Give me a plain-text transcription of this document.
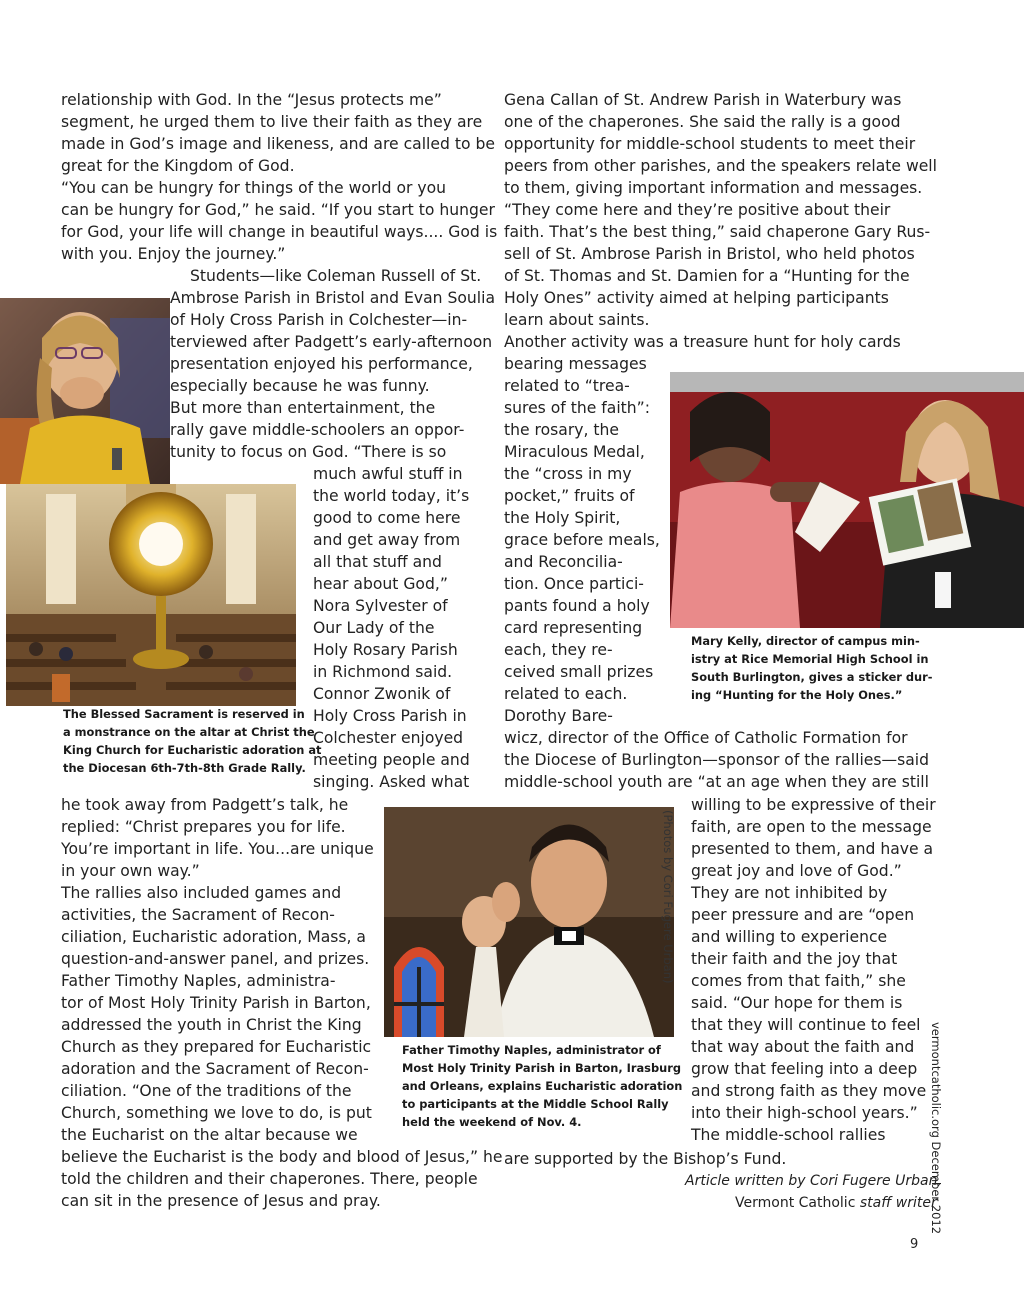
relationship with God. In the “Jesus protects me”
segment, he urged them to live their faith as they are
made in God’s image and likeness, and are called to be
great for the Kingdom of God.
“You can be hungry for things of the world or you
can be hungry for God,” he said. “If you start to hunger
for God, your life will change in beautiful ways.... God is
with you. Enjoy the journey.”
Students—like Coleman Russell of St.
Ambrose Parish in Bristol and Evan Soulia
of Holy Cross Parish in Colchester—in-
terviewed after Padgett’s early-afternoon
presentation enjoyed his performance,
especially because he was funny.
But more than entertainment, the
rally gave middle-schoolers an oppor-
tunity to focus on God. “There is so
much awful stuff in
the world today, it’s
good to come here
and get away from
all that stuff and
hear about God,”
Nora Sylvester of
Our Lady of the
Holy Rosary Parish
in Richmond said.
Connor Zwonik of
Holy Cross Parish in
Colchester enjoyed
meeting people and
singing. Asked what
he took away from Padgett’s talk, he
replied: “Christ prepares you for life.
You’re important in life. You...are unique
in your own way.”
The rallies also included games and
activities, the Sacrament of Recon-
ciliation, Eucharistic adoration, Mass, a
question-and-answer panel, and prizes.
Father Timothy Naples, administra-
tor of Most Holy Trinity Parish in Barton,
addressed the youth in Christ the King
Church as they prepared for Eucharistic
adoration and the Sacrament of Recon-
ciliation. “One of the traditions of the
Church, something we love to do, is put
the Eucharist on the altar because we
believe the Eucharist is the body and blood of Jesus,” he
told the children and their chaperones. There, people
can sit in the presence of Jesus and pray.
Gena Callan of St. Andrew Parish in Waterbury was
one of the chaperones. She said the rally is a good
opportunity for middle-school students to meet their
peers from other parishes, and the speakers relate well
to them, giving important information and messages.
“They come here and they’re positive about their
faith. That’s the best thing,” said chaperone Gary Rus-
sell of St. Ambrose Parish in Bristol, who held photos
of St. Thomas and St. Damien for a “Hunting for the
Holy Ones” activity aimed at helping participants
learn about saints.
Another activity was a treasure hunt for holy cards
bearing messages
related to “trea-
sures of the faith”:
the rosary, the
Miraculous Medal,
the “cross in my
pocket,” fruits of
the Holy Spirit,
grace before meals,
and Reconcilia-
tion. Once partici-
pants found a holy
card representing
each, they re-
ceived small prizes
related to each.
Dorothy Bare-
wicz, director of the Office of Catholic Formation for
the Diocese of Burlington—sponsor of the rallies—said
middle-school youth are “at an age when they are still
willing to be expressive of their
faith, are open to the message
presented to them, and have a
great joy and love of God.”
They are not inhibited by
peer pressure and are “open
and willing to experience
their faith and the joy that
comes from that faith,” she
said. “Our hope for them is
that they will continue to feel
that way about the faith and
grow that feeling into a deep
and strong faith as they move
into their high-school years.”
The middle-school rallies
are supported by the Bishop’s Fund.
The Blessed Sacrament is reserved in
a monstrance on the altar at Christ the
King Church for Eucharistic adoration at
the Diocesan 6th-7th-8th Grade Rally.
Mary Kelly, director of campus min-
istry at Rice Memorial High School in
South Burlington, gives a sticker dur-
ing “Hunting for the Holy Ones.”
Father Timothy Naples, administrator of
Most Holy Trinity Parish in Barton, Irasburg
and Orleans, explains Eucharistic adoration
to participants at the Middle School Rally
held the weekend of Nov. 4.
(Photos by Cori Fugere Urban)
Article written by Cori Fugere Urban,
Vermont Catholic staff writer
vermontcatholic.org December 2012
9
